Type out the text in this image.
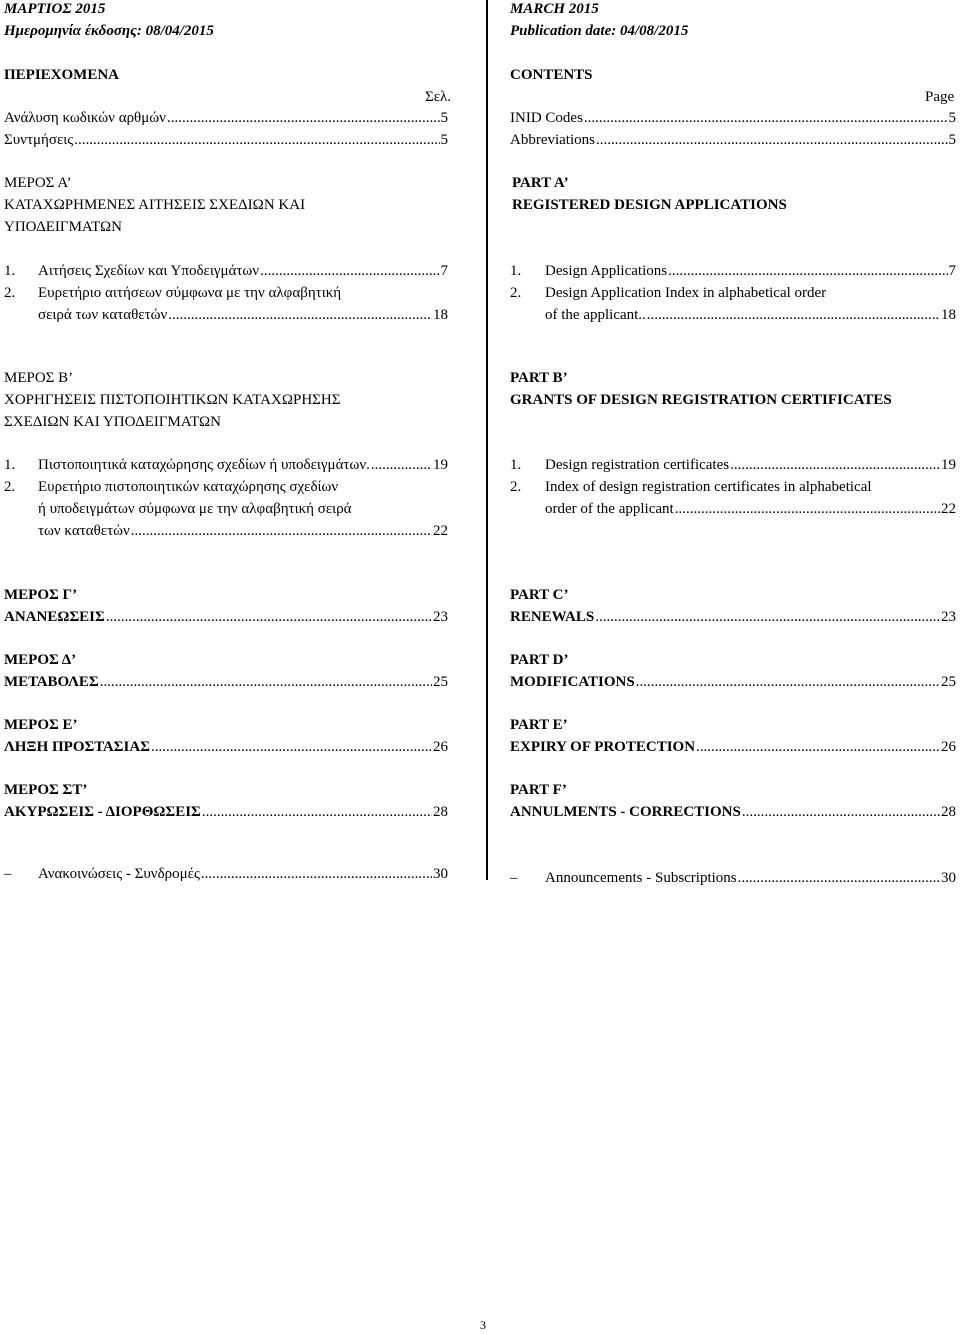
ΜΑΡΤΙΟΣ 2015
Ημερομηνία έκδοσης: 08/04/2015
ΠΕΡΙΕΧΟΜΕΝΑ
Σελ.
Ανάλυση κωδικών αρθμών .....	5
Συντμήσεις .....	5
ΜΕΡΟΣ Α’
ΚΑΤΑΧΩΡΗΜΕΝΕΣ ΑΙΤΗΣΕΙΣ ΣΧΕΔΙΩΝ ΚΑΙ
ΥΠΟΔΕΙΓΜΑΤΩΝ
1. Αιτήσεις Σχεδίων και Υποδειγμάτων .....	7
2. Ευρετήριο αιτήσεων σύμφωνα με την αλφαβητική
σειρά των καταθετών .....	18
ΜΕΡΟΣ Β’
ΧΟΡΗΓΗΣΕΙΣ ΠΙΣΤΟΠΟΙΗΤΙΚΩΝ ΚΑΤΑΧΩΡΗΣΗΣ
ΣΧΕΔΙΩΝ ΚΑΙ ΥΠΟΔΕΙΓΜΑΤΩΝ
1. Πιστοποιητικά καταχώρησης σχεδίων ή υποδειγμάτων. .....	19
2. Ευρετήριο πιστοποιητικών καταχώρησης σχεδίων
ή υποδειγμάτων σύμφωνα με την αλφαβητική σειρά
των καταθετών .....	22
ΜΕΡΟΣ Γ’
ΑΝΑΝΕΩΣΕΙΣ .....	23
ΜΕΡΟΣ Δ’
ΜΕΤΑΒΟΛΕΣ .....	25
ΜΕΡΟΣ Ε’
ΛΗΞΗ ΠΡΟΣΤΑΣΙΑΣ .....	26
ΜΕΡΟΣ ΣΤ’
ΑΚΥΡΩΣΕΙΣ - ΔΙΟΡΘΩΣΕΙΣ .....	28
– Ανακοινώσεις - Συνδρομές .....	30
MARCH 2015
Publication date: 04/08/2015
CONTENTS
Page
INID Codes .....	5
Abbreviations .....	5
PART A’
REGISTERED DESIGN APPLICATIONS
1. Design Applications .....	7
2. Design Application Index in alphabetical order
of the applicant.. .....	18
PART B’
GRANTS OF DESIGN REGISTRATION CERTIFICATES
1. Design registration certificates .....	19
2. Index of design registration certificates in alphabetical
order of the applicant .....	22
PART C’
RENEWALS .....	23
PART D’
MODIFICATIONS .....	25
PART E’
EXPIRY OF PROTECTION .....	26
PART F’
ANNULMENTS - CORRECTIONS .....	28
– Announcements - Subscriptions .....	30
3
